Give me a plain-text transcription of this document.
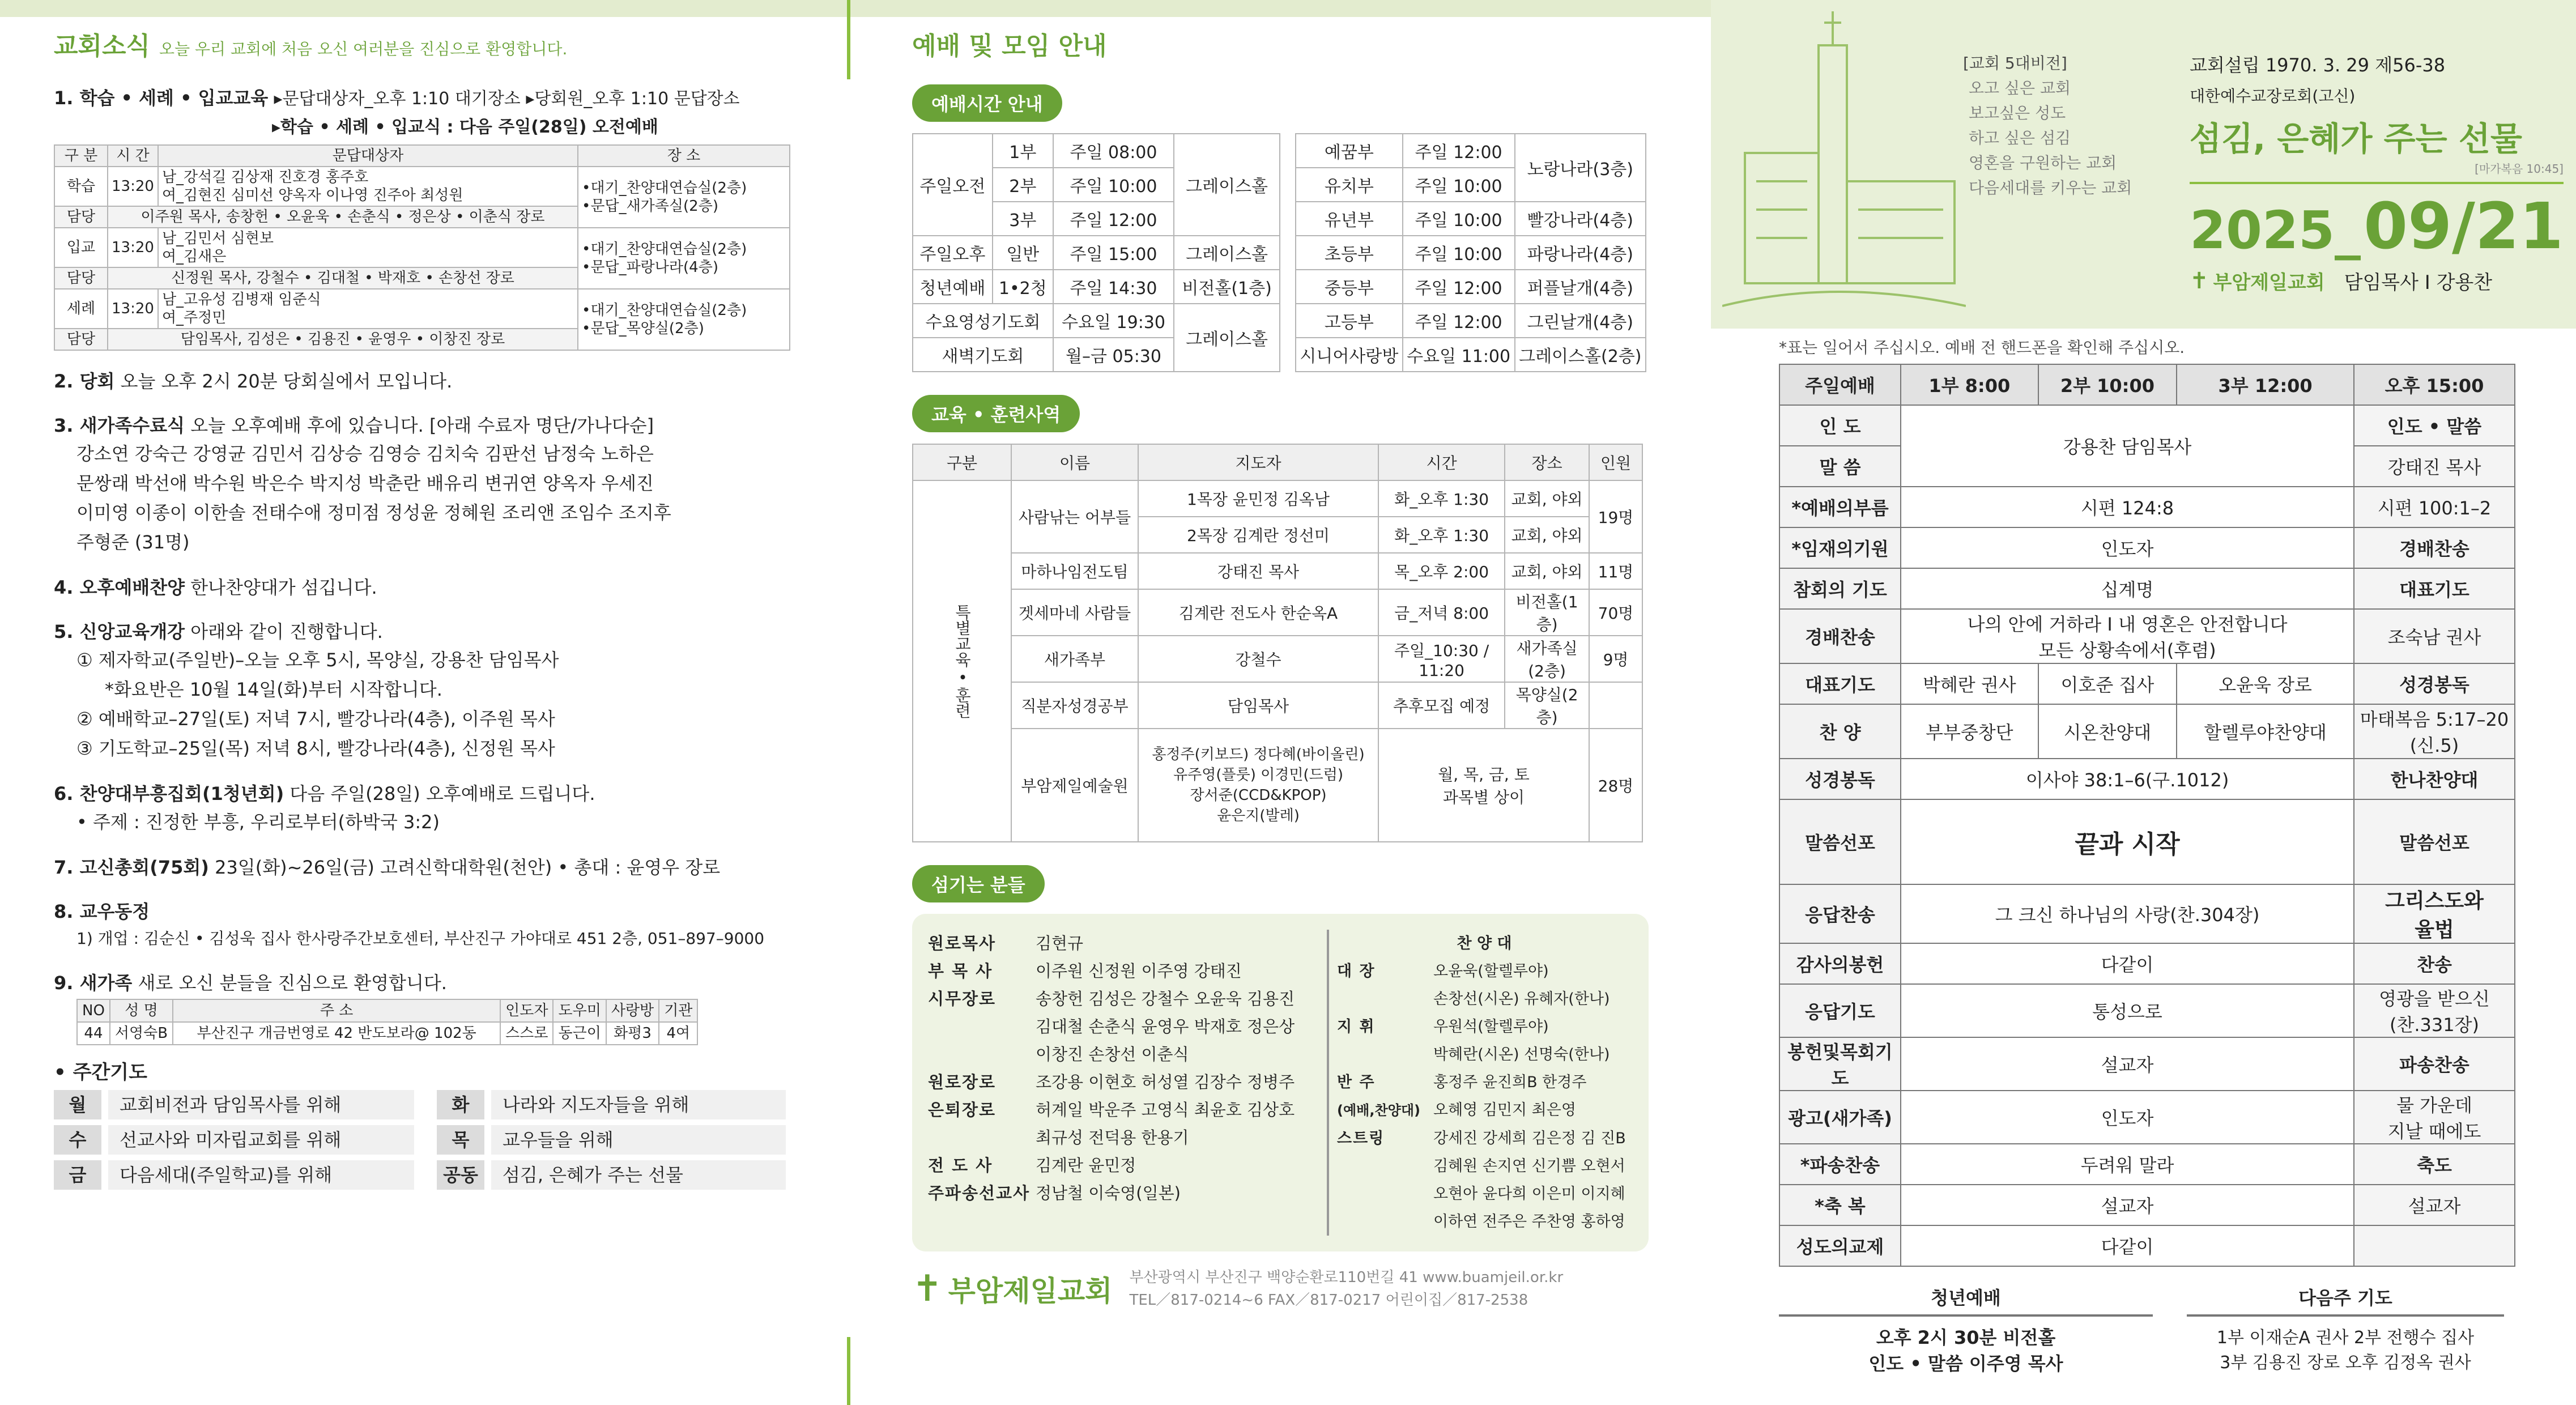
교회소식 오늘 우리 교회에 처음 오신 여러분을 진심으로 환영합니다.
1. 학습 • 세례 • 입교교육 ▸문답대상자_오후 1:10 대기장소 ▸당회원_오후 1:10 문답장소
▸학습 • 세례 • 입교식 : 다음 주일(28일) 오전예배
구 분	시 간	문답대상자	장 소
학습	13:20	남_강석길 김상재 진호경 홍주호
여_김현진 심미선 양옥자 이나영 진주아 최성원	•대기_찬양대연습실(2층)
•문답_새가족실(2층)
담당	이주원 목사, 송창헌 • 오윤욱 • 손춘식 • 정은상 • 이춘식 장로		
입교	13:20	남_김민서 심현보
여_김새은	•대기_찬양대연습실(2층)
•문답_파랑나라(4층)
담당	신정원 목사, 강철수 • 김대철 • 박재호 • 손창선 장로		
세례	13:20	남_고유성 김병재 임준식
여_주정민	•대기_찬양대연습실(2층)
•문답_목양실(2층)
담당	담임목사, 김성은 • 김용진 • 윤영우 • 이창진 장로		
2. 당회 오늘 오후 2시 20분 당회실에서 모입니다.
3. 새가족수료식 오늘 오후예배 후에 있습니다. [아래 수료자 명단/가나다순]
강소연 강숙근 강영균 김민서 김상승 김영승 김치숙 김판선 남정숙 노하은
문쌍래 박선애 박수원 박은수 박지성 박춘란 배유리 변귀연 양옥자 우세진
이미영 이종이 이한솔 전태수애 정미점 정성윤 정혜원 조리앤 조임수 조지후
주형준 (31명)
4. 오후예배찬양 한나찬양대가 섬깁니다.
5. 신앙교육개강 아래와 같이 진행합니다.
① 제자학교(주일반)–오늘 오후 5시, 목양실, 강용찬 담임목사
*화요반은 10월 14일(화)부터 시작합니다.
② 예배학교–27일(토) 저녁 7시, 빨강나라(4층), 이주원 목사
③ 기도학교–25일(목) 저녁 8시, 빨강나라(4층), 신정원 목사
6. 찬양대부흥집회(1청년회) 다음 주일(28일) 오후예배로 드립니다.
• 주제 : 진정한 부흥, 우리로부터(하박국 3:2)
7. 고신총회(75회) 23일(화)~26일(금) 고려신학대학원(천안) • 총대 : 윤영우 장로
8. 교우동정
1) 개업 : 김순신 • 김성욱 집사 한사랑주간보호센터, 부산진구 가야대로 451 2층, 051–897–9000
9. 새가족 새로 오신 분들을 진심으로 환영합니다.
NO	성 명	주 소	인도자	도우미	사랑방	기관
44	서영숙B	부산진구 개금번영로 42 반도보라@ 102동	스스로	동근이	화평3	4여
• 주간기도
월	교회비전과 담임목사를 위해
수	선교사와 미자립교회를 위해
금	다음세대(주일학교)를 위해
화	나라와 지도자들을 위해
목	교우들을 위해
공동	섬김, 은혜가 주는 선물
예배 및 모임 안내
예배시간 안내
주일오전	1부	주일 08:00	그레이스홀
	2부	주일 10:00	
	3부	주일 12:00	
주일오후	일반	주일 15:00	그레이스홀
청년예배	1•2청	주일 14:30	비전홀(1층)
수요영성기도회		수요일 19:30	그레이스홀
새벽기도회		월–금 05:30	
예꿈부	주일 12:00	노랑나라(3층)
유치부	주일 10:00	
유년부	주일 10:00	빨강나라(4층)
초등부	주일 10:00	파랑나라(4층)
중등부	주일 12:00	퍼플날개(4층)
고등부	주일 12:00	그린날개(4층)
시니어사랑방	수요일 11:00	그레이스홀(2층)
교육 • 훈련사역
구분	이름	지도자	시간	장소	인원
특별교육 • 훈련	사람낚는 어부들	1목장 윤민정 김옥남	화_오후 1:30	교회, 야외	19명
		2목장 김계란 정선미	화_오후 1:30	교회, 야외	
	마하나임전도팀	강태진 목사	목_오후 2:00	교회, 야외	11명
	겟세마네 사람들	김계란 전도사 한순옥A	금_저녁 8:00	비전홀(1층)	70명
	새가족부	강철수	주일_10:30 / 11:20	새가족실(2층)	9명
	직분자성경공부	담임목사	추후모집 예정	목양실(2층)	
	부암제일예술원	홍정주(키보드) 정다혜(바이올린)
유주영(플룻) 이경민(드럼)
장서준(CCD&KPOP)
윤은지(발레)	월, 목, 금, 토
과목별 상이		28명
섬기는 분들
원로목사 김현규
부 목 사	이주원 신정원 이주영 강태진
시무장로 송창헌 김성은 강철수 오윤욱 김용진
김대철 손춘식 윤영우 박재호 정은상
이창진 손창선 이춘식
원로장로 조강용 이현호 허성열 김장수 정병주
은퇴장로 허계일 박운주 고영식 최윤호 김상호
최규성 전덕용 한용기
전 도 사	김계란 윤민정
주파송선교사 정남철 이숙영(일본)
찬 양 대
대 장	오윤욱(할렐루야)
손창선(시온) 유혜자(한나)
지 휘	우원석(할렐루야)
박혜란(시온) 선명숙(한나)
반 주	홍정주 윤진희B 한경주
(예배,찬양대) 오혜영 김민지 최은영
스트링	강세진 강세희 김은정 김 진B
김혜원 손지연 신기쁨 오현서
오현아 윤다희 이은미 이지혜
이하연 전주은 주찬영 홍하영
✝ 부암제일교회 부산광역시 부산진구 백양순환로110번길 41 www.buamjeil.or.kr
TEL／817-0214~6 FAX／817-0217 어린이집／817-2538
[교회 5대비전]
오고 싶은 교회
보고싶은 성도
하고 싶은 섬김
영혼을 구원하는 교회
다음세대를 키우는 교회
교회설립 1970. 3. 29 제56-38
대한예수교장로회(고신)
섬김, 은혜가 주는 선물
[마가복음 10:45]
2025_ 09/21
✝ 부암제일교회 담임목사 I 강용찬
*표는 일어서 주십시오. 예배 전 핸드폰을 확인해 주십시오.
주일예배	1부 8:00	2부 10:00	3부 12:00	오후 15:00
인 도	강용찬 담임목사			인도 • 말씀
말 씀				강태진 목사
*예배의부름	시편 124:8			시편 100:1–2
*임재의기원	인도자			경배찬송
참회의 기도	십계명			대표기도
경배찬송	나의 안에 거하라 I 내 영혼은 안전합니다
모든 상황속에서(후렴)			조숙남 권사
대표기도	박혜란 권사	이호준 집사	오윤욱 장로	성경봉독
찬 양	부부중창단	시온찬양대	할렐루야찬양대	마태복음 5:17–20
(신.5)
성경봉독	이사야 38:1–6(구.1012)			한나찬양대
말씀선포	끝과 시작			말씀선포
응답찬송	그 크신 하나님의 사랑(찬.304장)			그리스도와
율법
감사의봉헌	다같이			찬송
응답기도	통성으로			영광을 받으신
(찬.331장)
봉헌및목회기도	설교자			파송찬송
광고(새가족)	인도자			물 가운데
지날 때에도
*파송찬송	두려워 말라			축도
*축 복	설교자			설교자
성도의교제	다같이			
청년예배
오후 2시 30분 비전홀
인도 • 말씀 이주영 목사
다음주 기도
1부 이재순A 권사 2부 전행수 집사
3부 김용진 장로 오후 김정옥 권사
